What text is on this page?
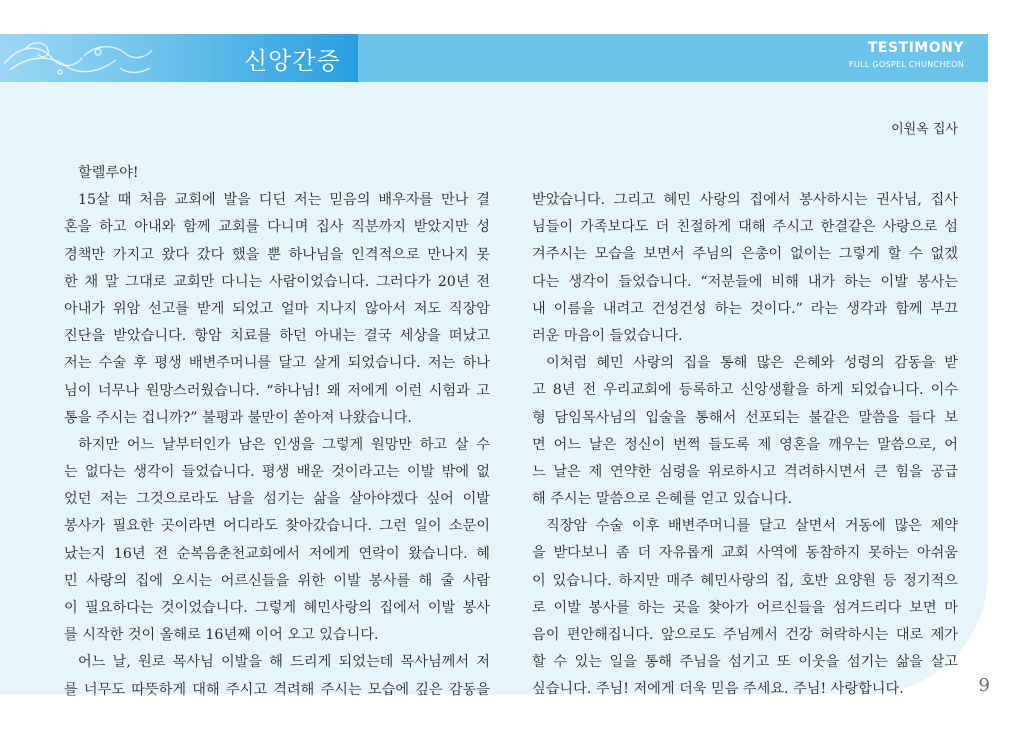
신앙간증	TESTIMONY
FULL GOSPEL CHUNCHEON
이원옥 집사
할렐루야!
15살 때 처음 교회에 발을 디딘 저는 믿음의 배우자를 만나 결
혼을 하고 아내와 함께 교회를 다니며 집사 직분까지 받았지만 성
경책만 가지고 왔다 갔다 했을 뿐 하나님을 인격적으로 만나지 못
한 채 말 그대로 교회만 다니는 사람이었습니다. 그러다가 20년 전
아내가 위암 선고를 받게 되었고 얼마 지나지 않아서 저도 직장암
진단을 받았습니다. 항암 치료를 하던 아내는 결국 세상을 떠났고
저는 수술 후 평생 배변주머니를 달고 살게 되었습니다. 저는 하나
님이 너무나 원망스러웠습니다. “하나님! 왜 저에게 이런 시험과 고
통을 주시는 겁니까?” 불평과 불만이 쏟아져 나왔습니다.
하지만 어느 날부터인가 남은 인생을 그렇게 원망만 하고 살 수
는 없다는 생각이 들었습니다. 평생 배운 것이라고는 이발 밖에 없
었던 저는 그것으로라도 남을 섬기는 삶을 살아야겠다 싶어 이발
봉사가 필요한 곳이라면 어디라도 찾아갔습니다. 그런 일이 소문이
났는지 16년 전 순복음춘천교회에서 저에게 연락이 왔습니다. 혜
민 사랑의 집에 오시는 어르신들을 위한 이발 봉사를 해 줄 사람
이 필요하다는 것이었습니다. 그렇게 혜민사랑의 집에서 이발 봉사
를 시작한 것이 올해로 16년째 이어 오고 있습니다.
어느 날, 원로 목사님 이발을 해 드리게 되었는데 목사님께서 저
를 너무도 따뜻하게 대해 주시고 격려해 주시는 모습에 깊은 감동을
받았습니다. 그리고 혜민 사랑의 집에서 봉사하시는 권사님, 집사
님들이 가족보다도 더 친절하게 대해 주시고 한결같은 사랑으로 섬
겨주시는 모습을 보면서 주님의 은총이 없이는 그렇게 할 수 없겠
다는 생각이 들었습니다. “저분들에 비해 내가 하는 이발 봉사는
내 이름을 내려고 건성건성 하는 것이다.” 라는 생각과 함께 부끄
러운 마음이 들었습니다.
이처럼 혜민 사랑의 집을 통해 많은 은혜와 성령의 감동을 받
고 8년 전 우리교회에 등록하고 신앙생활을 하게 되었습니다. 이수
형 담임목사님의 입술을 통해서 선포되는 불같은 말씀을 들다 보
면 어느 날은 정신이 번쩍 들도록 제 영혼을 깨우는 말씀으로, 어
느 날은 제 연약한 심령을 위로하시고 격려하시면서 큰 힘을 공급
해 주시는 말씀으로 은혜를 얻고 있습니다.
직장암 수술 이후 배변주머니를 달고 살면서 거동에 많은 제약
을 받다보니 좀 더 자유롭게 교회 사역에 동참하지 못하는 아쉬움
이 있습니다. 하지만 매주 혜민사랑의 집, 호반 요양원 등 정기적으
로 이발 봉사를 하는 곳을 찾아가 어르신들을 섬겨드리다 보면 마
음이 편안해집니다. 앞으로도 주님께서 건강 허락하시는 대로 제가
할 수 있는 일을 통해 주님을 섬기고 또 이웃을 섬기는 삶을 살고
싶습니다. 주님! 저에게 더욱 믿음 주세요. 주님! 사랑합니다.	9
